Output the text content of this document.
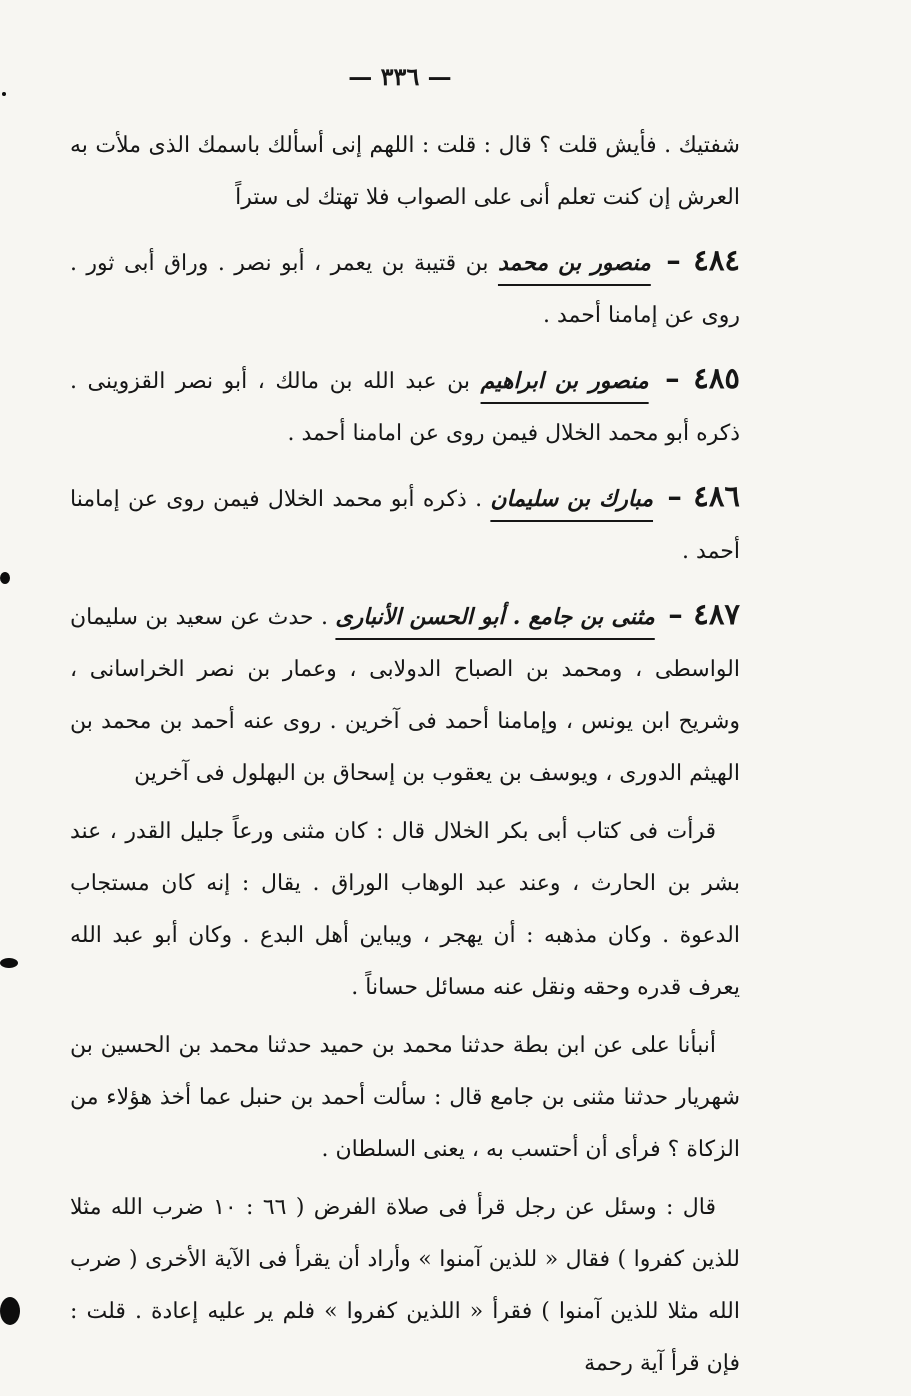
— ٣٣٦ —

شفتيك . فأيش قلت ؟ قال : قلت : اللهم إنى أسألك باسمك الذى ملأت به العرش إن كنت تعلم أنى على الصواب فلا تهتك لى ستراً

٤٨٤ – منصور بن محمد بن قتيبة بن يعمر ، أبو نصر . وراق أبى ثور . روى عن إمامنا أحمد .

٤٨٥ – منصور بن ابراهيم بن عبد الله بن مالك ، أبو نصر القزوينى . ذكره أبو محمد الخلال فيمن روى عن امامنا أحمد .

٤٨٦ – مبارك بن سليمان . ذكره أبو محمد الخلال فيمن روى عن إمامنا أحمد .

٤٨٧ – مثنى بن جامع . أبو الحسن الأنبارى . حدث عن سعيد بن سليمان الواسطى ، ومحمد بن الصباح الدولابى ، وعمار بن نصر الخراسانى ، وشريح ابن يونس ، وإمامنا أحمد فى آخرين . روى عنه أحمد بن محمد بن الهيثم الدورى ، ويوسف بن يعقوب بن إسحاق بن البهلول فى آخرين

قرأت فى كتاب أبى بكر الخلال قال : كان مثنى ورعاً جليل القدر ، عند بشر بن الحارث ، وعند عبد الوهاب الوراق . يقال : إنه كان مستجاب الدعوة . وكان مذهبه : أن يهجر ، ويباين أهل البدع . وكان أبو عبد الله يعرف قدره وحقه ونقل عنه مسائل حساناً .

أنبأنا على عن ابن بطة حدثنا محمد بن حميد حدثنا محمد بن الحسين بن شهريار حدثنا مثنى بن جامع قال : سألت أحمد بن حنبل عما أخذ هؤلاء من الزكاة ؟ فرأى أن أحتسب به ، يعنى السلطان .

قال : وسئل عن رجل قرأ فى صلاة الفرض ( ٦٦ : ١٠ ضرب الله مثلا للذين كفروا ) فقال « للذين آمنوا » وأراد أن يقرأ فى الآية الأخرى ( ضرب الله مثلا للذين آمنوا ) فقرأ « اللذين كفروا » فلم ير عليه إعادة . قلت : فإن قرأ آية رحمة
